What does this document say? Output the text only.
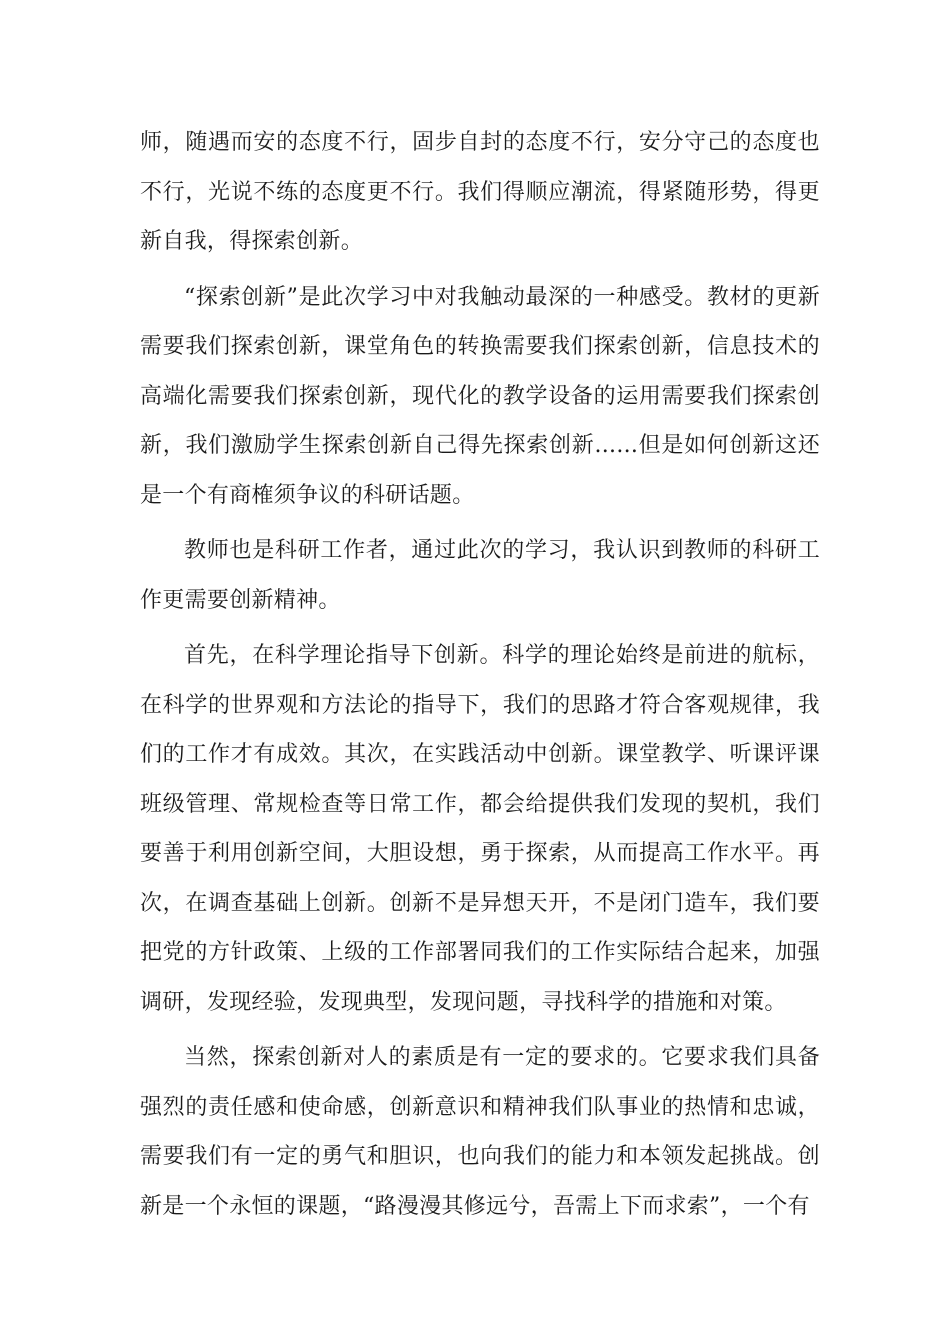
师，随遇而安的态度不行，固步自封的态度不行，安分守己的态度也不行，光说不练的态度更不行。我们得顺应潮流，得紧随形势，得更新自我，得探索创新。

“探索创新”是此次学习中对我触动最深的一种感受。教材的更新需要我们探索创新，课堂角色的转换需要我们探索创新，信息技术的高端化需要我们探索创新，现代化的教学设备的运用需要我们探索创新，我们激励学生探索创新自己得先探索创新......但是如何创新这还是一个有商榷须争议的科研话题。

教师也是科研工作者，通过此次的学习，我认识到教师的科研工作更需要创新精神。

首先，在科学理论指导下创新。科学的理论始终是前进的航标，在科学的世界观和方法论的指导下，我们的思路才符合客观规律，我们的工作才有成效。其次，在实践活动中创新。课堂教学、听课评课班级管理、常规检查等日常工作，都会给提供我们发现的契机，我们要善于利用创新空间，大胆设想，勇于探索，从而提高工作水平。再次，在调查基础上创新。创新不是异想天开，不是闭门造车，我们要把党的方针政策、上级的工作部署同我们的工作实际结合起来，加强调研，发现经验，发现典型，发现问题，寻找科学的措施和对策。

当然，探索创新对人的素质是有一定的要求的。它要求我们具备强烈的责任感和使命感，创新意识和精神我们队事业的热情和忠诚，需要我们有一定的勇气和胆识，也向我们的能力和本领发起挑战。创新是一个永恒的课题，“路漫漫其修远兮，吾需上下而求索”，一个有
